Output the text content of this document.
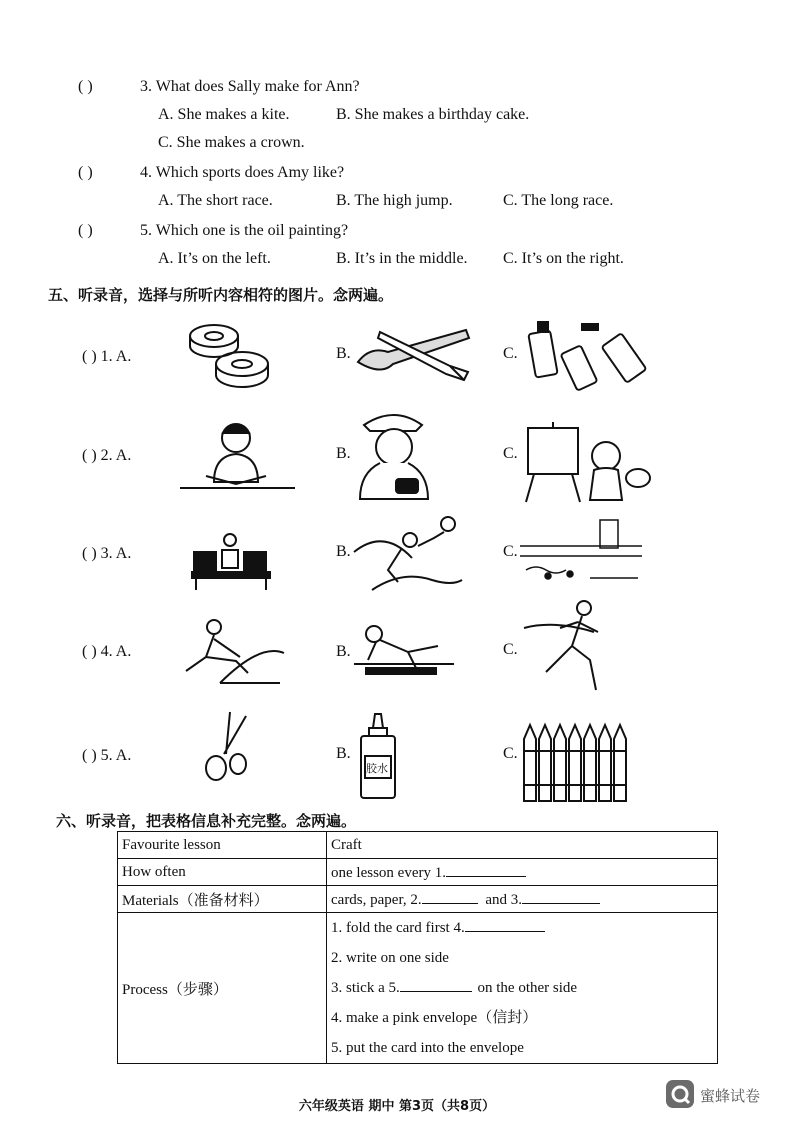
( )	3. What does Sally make for Ann?
A. She makes a kite.	B. She makes a birthday cake.
C. She makes a crown.
( )	4. Which sports does Amy like?
A. The short race.	B. The high jump.	C. The long race.
( )	5. Which one is the oil painting?
A. It’s on the left.	B. It’s in the middle. C. It’s on the right.
五、听录音，选择与所听内容相符的图片。念两遍。
( ) 1. A.	B.	C.
( ) 2. A.	B.	C.
( ) 3. A.	B.	C.
( ) 4. A.	B.	C.
( ) 5. A.	B.
胶水
C.
六、听录音，把表格信息补充完整。念两遍。
Favourite lesson	Craft
How often	one lesson every 1.
Materials（准备材料）	cards, paper, 2. and 3.
Process（步骤）	1. fold the card first 4.
2. write on one side
3. stick a 5. on the other side
4. make a pink envelope（信封）
5. put the card into the envelope
六年级英语 期中 第3页（共8页）
蜜蜂试卷
